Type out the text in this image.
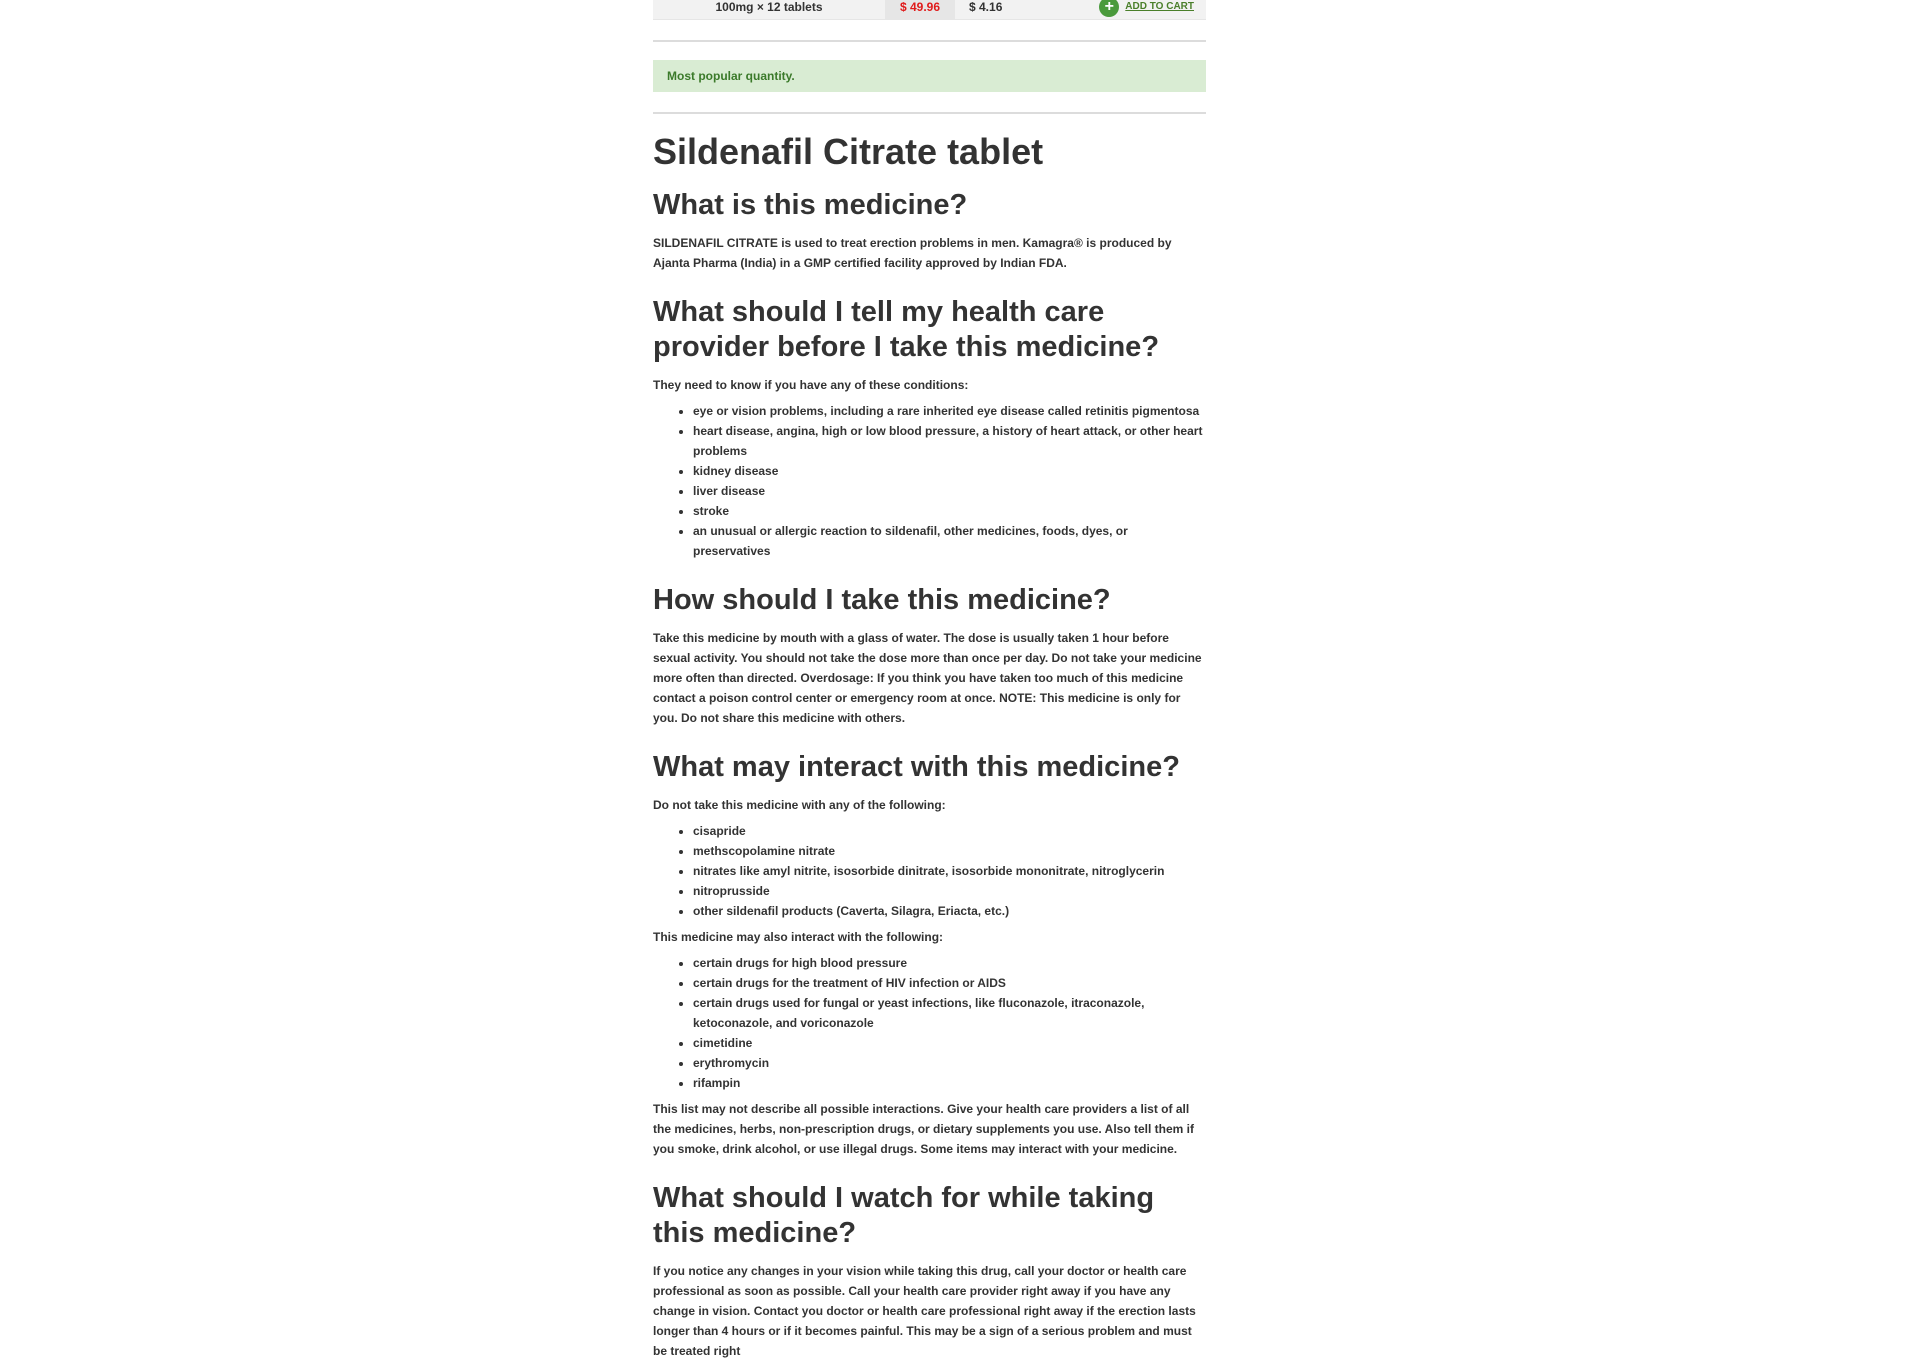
100mg × 12 tablets	$ 49.96	$ 4.16	+	ADD TO CART
Most popular quantity.
Sildenafil Citrate tablet
What is this medicine?

SILDENAFIL CITRATE is used to treat erection problems in men. Kamagra® is produced by Ajanta Pharma (India) in a GMP certified facility approved by Indian FDA.

What should I tell my health care provider before I take this medicine?

They need to know if you have any of these conditions:

• eye or vision problems, including a rare inherited eye disease called retinitis pigmentosa
• heart disease, angina, high or low blood pressure, a history of heart attack, or other heart problems
• kidney disease
• liver disease
• stroke
• an unusual or allergic reaction to sildenafil, other medicines, foods, dyes, or preservatives
How should I take this medicine?

Take this medicine by mouth with a glass of water. The dose is usually taken 1 hour before sexual activity. You should not take the dose more than once per day. Do not take your medicine more often than directed. Overdosage: If you think you have taken too much of this medicine contact a poison control center or emergency room at once. NOTE: This medicine is only for you. Do not share this medicine with others.

What may interact with this medicine?

Do not take this medicine with any of the following:

• cisapride
• methscopolamine nitrate
• nitrates like amyl nitrite, isosorbide dinitrate, isosorbide mononitrate, nitroglycerin
• nitroprusside
• other sildenafil products (Caverta, Silagra, Eriacta, etc.)

This medicine may also interact with the following:

• certain drugs for high blood pressure
• certain drugs for the treatment of HIV infection or AIDS
• certain drugs used for fungal or yeast infections, like fluconazole, itraconazole, ketoconazole, and voriconazole
• cimetidine
• erythromycin
• rifampin

This list may not describe all possible interactions. Give your health care providers a list of all the medicines, herbs, non-prescription drugs, or dietary supplements you use. Also tell them if you smoke, drink alcohol, or use illegal drugs. Some items may interact with your medicine.

What should I watch for while taking this medicine?

If you notice any changes in your vision while taking this drug, call your doctor or health care professional as soon as possible. Call your health care provider right away if you have any change in vision. Contact you doctor or health care professional right away if the erection lasts longer than 4 hours or if it becomes painful. This may be a sign of a serious problem and must be treated right
